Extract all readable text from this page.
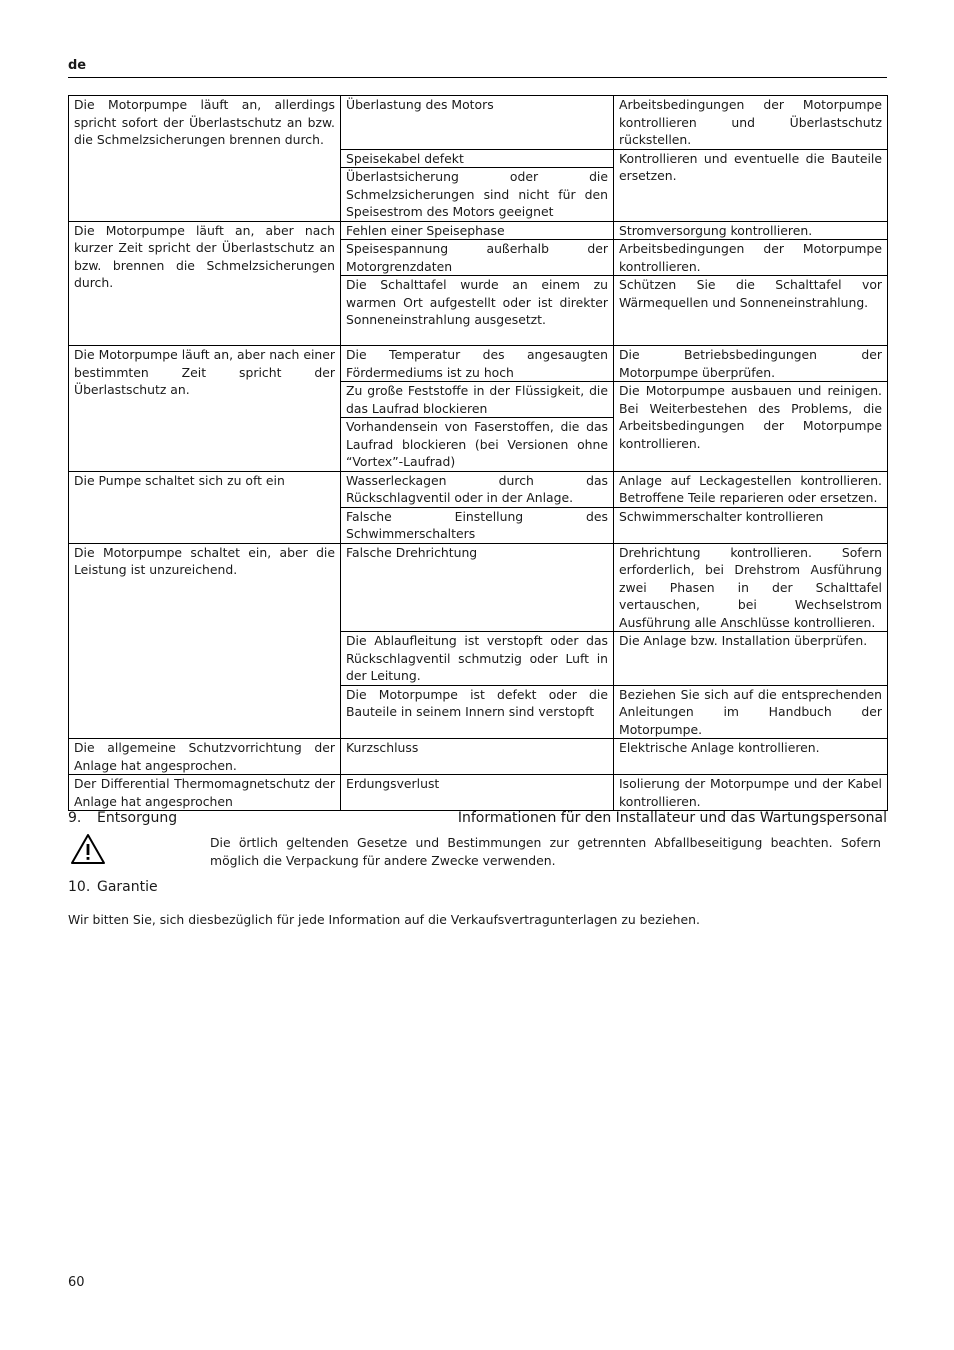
de
Die Motorpumpe läuft an, allerdings spricht sofort der Überlastschutz an bzw. die Schmelzsicherungen brennen durch.	Überlastung des Motors	Arbeitsbedingungen der Motorpumpe kontrollieren und Überlastschutz rückstellen.
	Speisekabel defekt	Kontrollieren und eventuelle die Bauteile ersetzen.
	Überlastsicherung oder die Schmelzsicherungen sind nicht für den Speisestrom des Motors geeignet	
Die Motorpumpe läuft an, aber nach kurzer Zeit spricht der Überlastschutz an bzw. brennen die Schmelzsicherungen durch.	Fehlen einer Speisephase	Stromversorgung kontrollieren.
	Speisespannung außerhalb der Motorgrenzdaten	Arbeitsbedingungen der Motorpumpe kontrollieren.
	Die Schalttafel wurde an einem zu warmen Ort aufgestellt oder ist direkter Sonneneinstrahlung ausgesetzt.	Schützen Sie die Schalttafel vor Wärmequellen und Sonneneinstrahlung.
Die Motorpumpe läuft an, aber nach einer bestimmten Zeit spricht der Überlastschutz an.	Die Temperatur des angesaugten Fördermediums ist zu hoch	Die Betriebsbedingungen der Motorpumpe überprüfen.
	Zu große Feststoffe in der Flüssigkeit, die das Laufrad blockieren	Die Motorpumpe ausbauen und reinigen. Bei Weiterbestehen des Problems, die Arbeitsbedingungen der Motorpumpe kontrollieren.
	Vorhandensein von Faserstoffen, die das Laufrad blockieren (bei Versionen ohne “Vortex”-Laufrad)	
Die Pumpe schaltet sich zu oft ein	Wasserleckagen durch das Rückschlagventil oder in der Anlage.	Anlage auf Leckagestellen kontrollieren. Betroffene Teile reparieren oder ersetzen.
	Falsche Einstellung des Schwimmerschalters	Schwimmerschalter kontrollieren
Die Motorpumpe schaltet ein, aber die Leistung ist unzureichend.	Falsche Drehrichtung	Drehrichtung kontrollieren. Sofern erforderlich, bei Drehstrom Ausführung zwei Phasen in der Schalttafel vertauschen, bei Wechselstrom Ausführung alle Anschlüsse kontrollieren.
	Die Ablaufleitung ist verstopft oder das Rückschlagventil schmutzig oder Luft in der Leitung.	Die Anlage bzw. Installation überprüfen.
	Die Motorpumpe ist defekt oder die Bauteile in seinem Innern sind verstopft	Beziehen Sie sich auf die entsprechenden Anleitungen im Handbuch der Motorpumpe.
Die allgemeine Schutzvorrichtung der Anlage hat angesprochen.	Kurzschluss	Elektrische Anlage kontrollieren.
Der Differential Thermomagnetschutz der Anlage hat angesprochen	Erdungsverlust	Isolierung der Motorpumpe und der Kabel kontrollieren.
9. Entsorgung	Informationen für den Installateur und das Wartungspersonal
Die örtlich geltenden Gesetze und Bestimmungen zur getrennten Abfallbeseitigung beachten. Sofern möglich die Verpackung für andere Zwecke verwenden.
10. Garantie
Wir bitten Sie, sich diesbezüglich für jede Information auf die Verkaufsvertragunterlagen zu beziehen.
60
